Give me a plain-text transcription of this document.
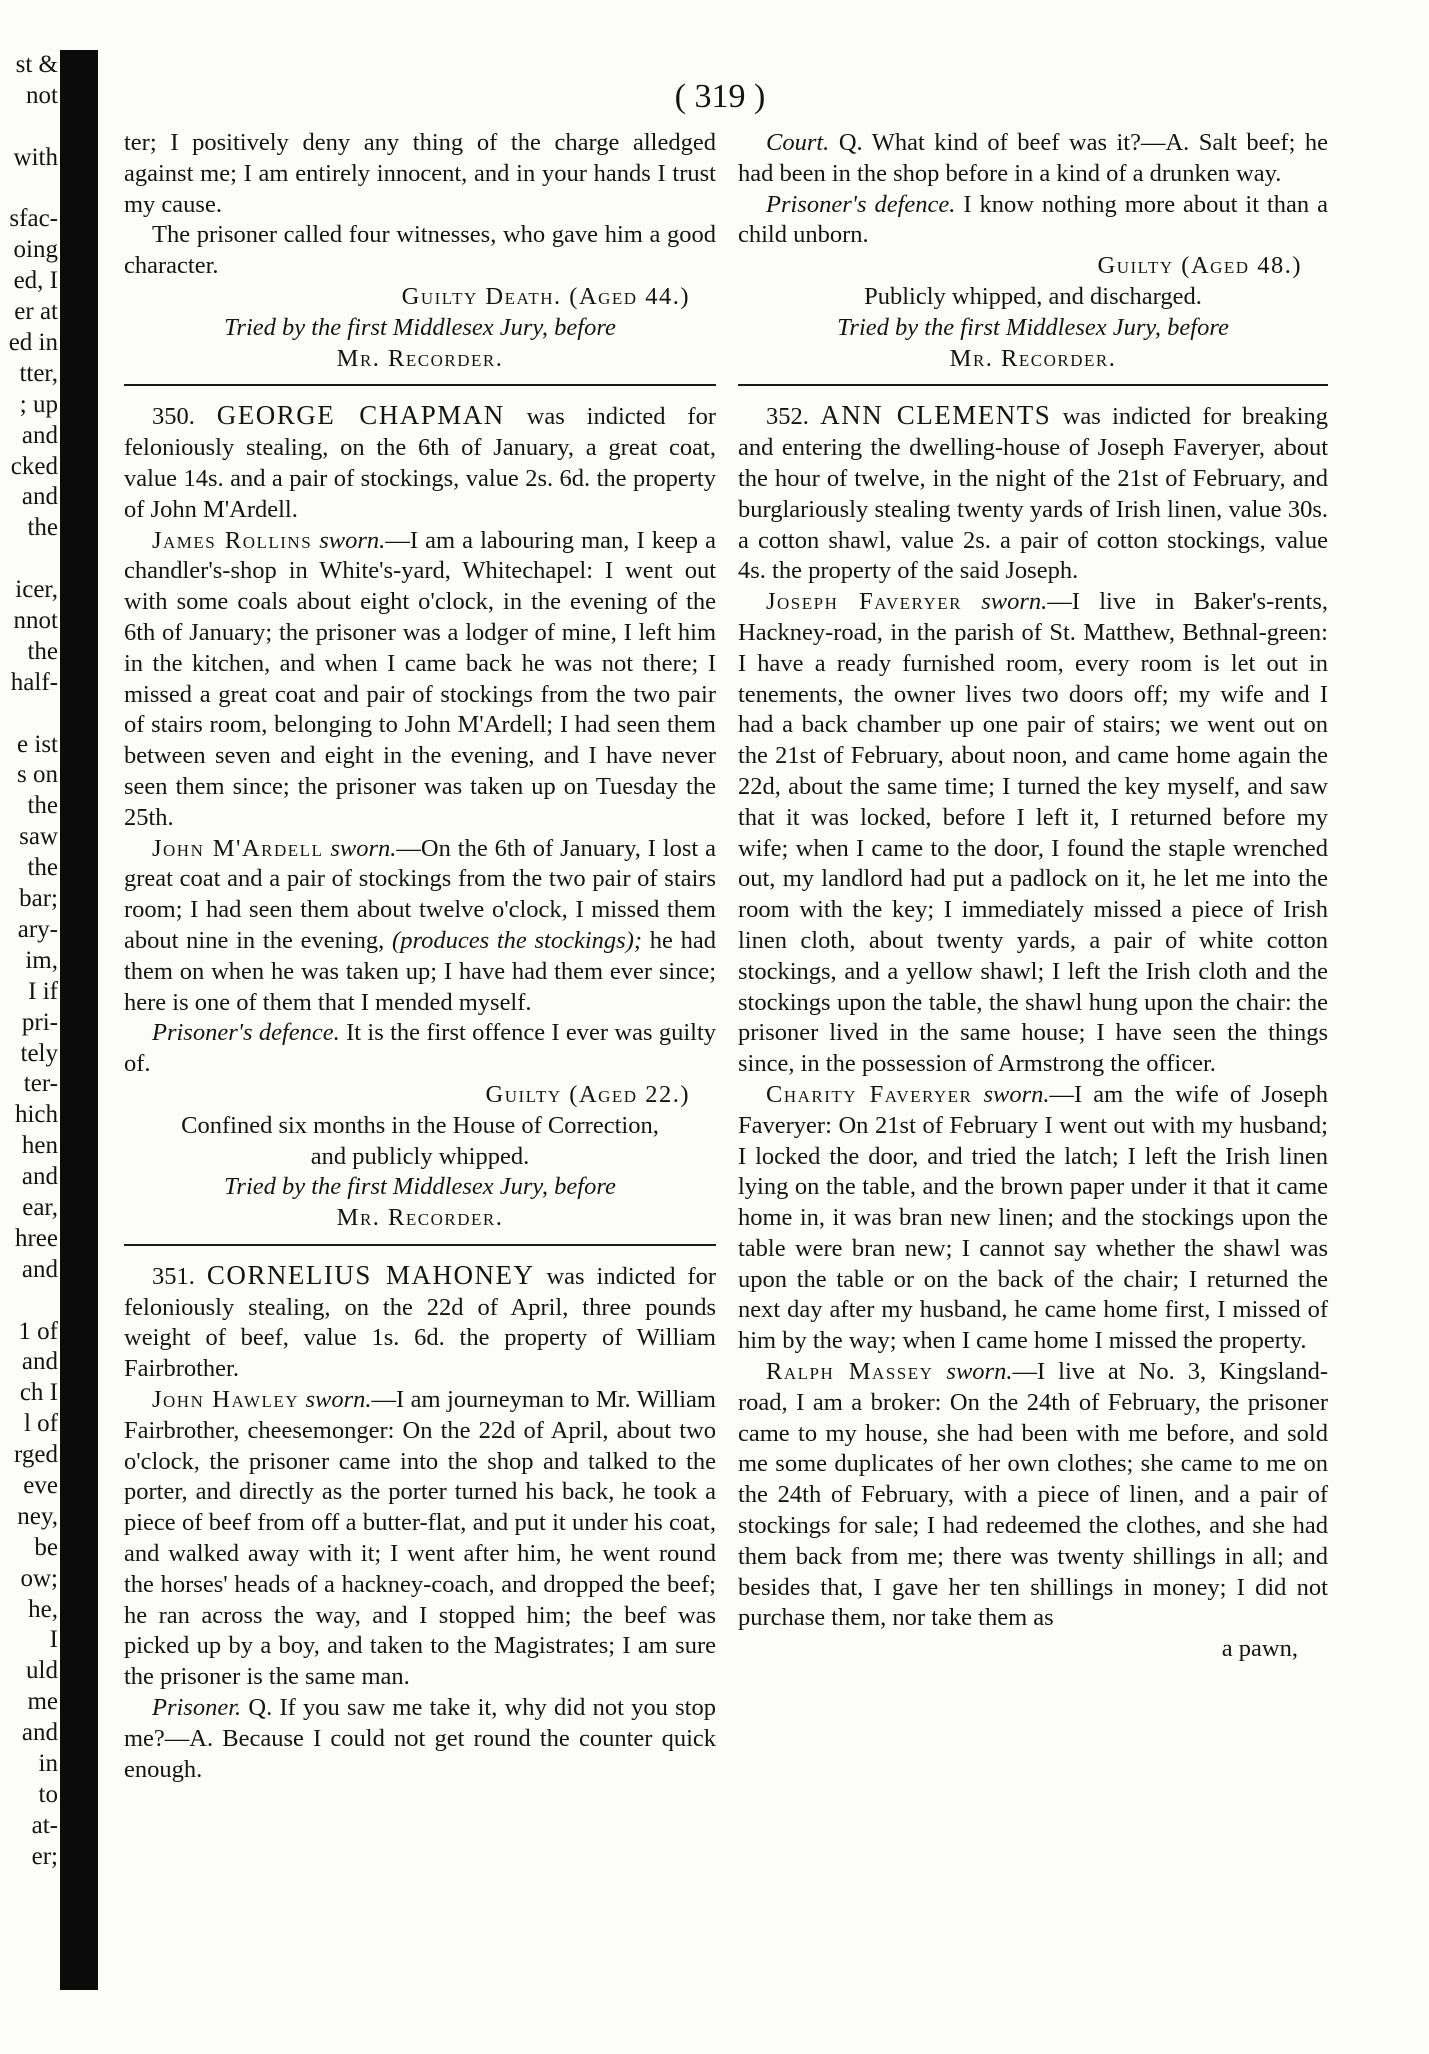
st &
not
with
sfac-
oing
ed, I
er at
ed in
tter,
; up
and
cked
and
the
icer,
nnot
the
half-
e ist
s on
the
saw
the
bar;
ary-
im,
I if
pri-
tely
ter-
hich
hen
and
ear,
hree
and
1 of
and
ch I
l of
rged
eve
ney,
be
ow;
he,
I
uld
me
and
in
to
at-
er;
( 319 )

ter; I positively deny any thing of the charge alledged against me; I am entirely innocent, and in your hands I trust my cause.

The prisoner called four witnesses, who gave him a good character.

Guilty Death. (Aged 44.)

Tried by the first Middlesex Jury, before

Mr. Recorder.

350. GEORGE CHAPMAN was indicted for feloniously stealing, on the 6th of January, a great coat, value 14s. and a pair of stockings, value 2s. 6d. the property of John M'Ardell.

James Rollins sworn.—I am a labouring man, I keep a chandler's-shop in White's-yard, Whitechapel: I went out with some coals about eight o'clock, in the evening of the 6th of January; the prisoner was a lodger of mine, I left him in the kitchen, and when I came back he was not there; I missed a great coat and pair of stockings from the two pair of stairs room, belonging to John M'Ardell; I had seen them between seven and eight in the evening, and I have never seen them since; the prisoner was taken up on Tuesday the 25th.

John M'Ardell sworn.—On the 6th of January, I lost a great coat and a pair of stockings from the two pair of stairs room; I had seen them about twelve o'clock, I missed them about nine in the evening, (produces the stockings); he had them on when he was taken up; I have had them ever since; here is one of them that I mended myself.

Prisoner's defence. It is the first offence I ever was guilty of.

Guilty (Aged 22.)

Confined six months in the House of Correction,

and publicly whipped.

Tried by the first Middlesex Jury, before

Mr. Recorder.

351. CORNELIUS MAHONEY was indicted for feloniously stealing, on the 22d of April, three pounds weight of beef, value 1s. 6d. the property of William Fairbrother.

John Hawley sworn.—I am journeyman to Mr. William Fairbrother, cheesemonger: On the 22d of April, about two o'clock, the prisoner came into the shop and talked to the porter, and directly as the porter turned his back, he took a piece of beef from off a butter-flat, and put it under his coat, and walked away with it; I went after him, he went round the horses' heads of a hackney-coach, and dropped the beef; he ran across the way, and I stopped him; the beef was picked up by a boy, and taken to the Magistrates; I am sure the prisoner is the same man.

Prisoner. Q. If you saw me take it, why did not you stop me?—A. Because I could not get round the counter quick enough.

Court. Q. What kind of beef was it?—A. Salt beef; he had been in the shop before in a kind of a drunken way.

Prisoner's defence. I know nothing more about it than a child unborn.

Guilty (Aged 48.)

Publicly whipped, and discharged.

Tried by the first Middlesex Jury, before

Mr. Recorder.

352. ANN CLEMENTS was indicted for breaking and entering the dwelling-house of Joseph Faveryer, about the hour of twelve, in the night of the 21st of February, and burglariously stealing twenty yards of Irish linen, value 30s. a cotton shawl, value 2s. a pair of cotton stockings, value 4s. the property of the said Joseph.

Joseph Faveryer sworn.—I live in Baker's-rents, Hackney-road, in the parish of St. Matthew, Bethnal-green: I have a ready furnished room, every room is let out in tenements, the owner lives two doors off; my wife and I had a back chamber up one pair of stairs; we went out on the 21st of February, about noon, and came home again the 22d, about the same time; I turned the key myself, and saw that it was locked, before I left it, I returned before my wife; when I came to the door, I found the staple wrenched out, my landlord had put a padlock on it, he let me into the room with the key; I immediately missed a piece of Irish linen cloth, about twenty yards, a pair of white cotton stockings, and a yellow shawl; I left the Irish cloth and the stockings upon the table, the shawl hung upon the chair: the prisoner lived in the same house; I have seen the things since, in the possession of Armstrong the officer.

Charity Faveryer sworn.—I am the wife of Joseph Faveryer: On 21st of February I went out with my husband; I locked the door, and tried the latch; I left the Irish linen lying on the table, and the brown paper under it that it came home in, it was bran new linen; and the stockings upon the table were bran new; I cannot say whether the shawl was upon the table or on the back of the chair; I returned the next day after my husband, he came home first, I missed of him by the way; when I came home I missed the property.

Ralph Massey sworn.—I live at No. 3, Kingsland-road, I am a broker: On the 24th of February, the prisoner came to my house, she had been with me before, and sold me some duplicates of her own clothes; she came to me on the 24th of February, with a piece of linen, and a pair of stockings for sale; I had redeemed the clothes, and she had them back from me; there was twenty shillings in all; and besides that, I gave her ten shillings in money; I did not purchase them, nor take them as

a pawn,
